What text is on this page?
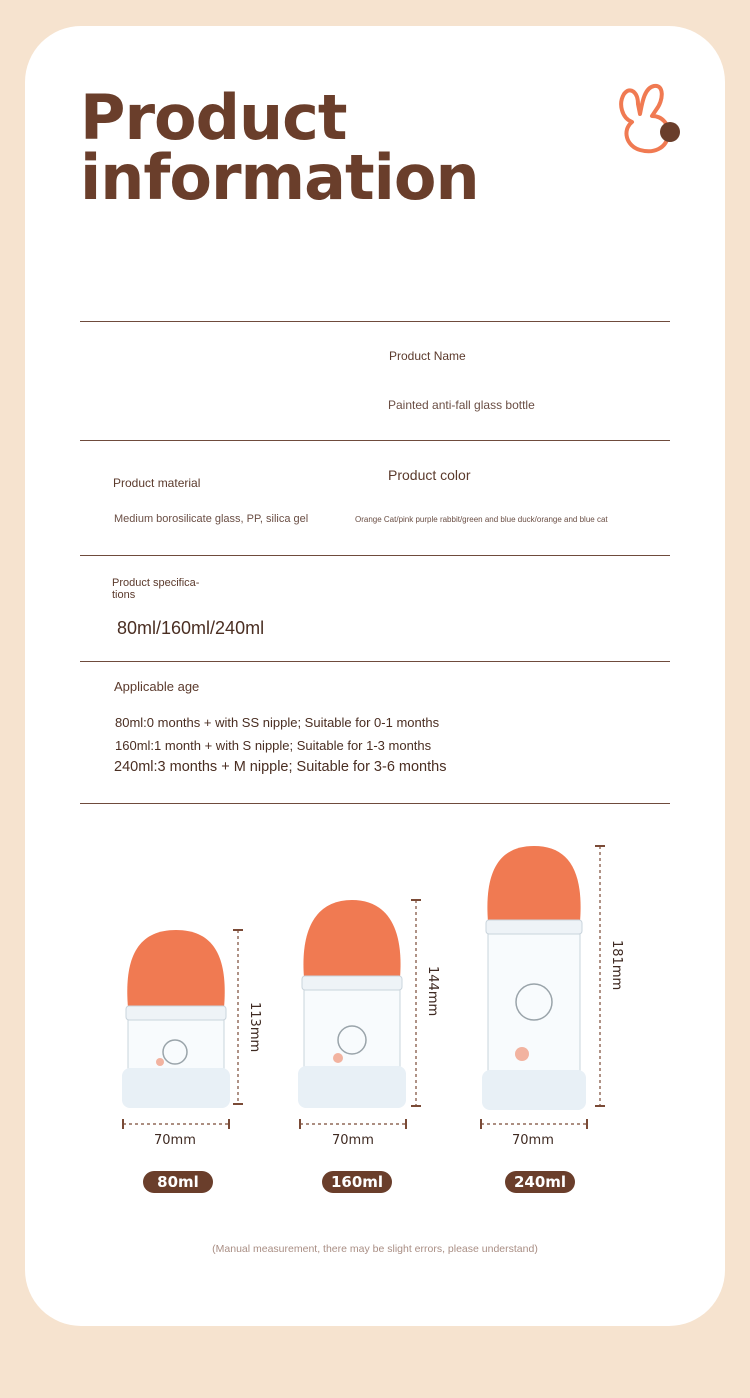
Product
information
Product Name
Painted anti-fall glass bottle
Product material
Medium borosilicate glass, PP, silica gel
Product color
Orange Cat/pink purple rabbit/green and blue duck/orange and blue cat
Product specifica-tions
80ml/160ml/240ml
Applicable age
80ml:0 months + with SS nipple; Suitable for 0-1 months
160ml:1 month + with S nipple; Suitable for 1-3 months
240ml:3 months + M nipple; Suitable for 3-6 months
113mm
144mm
181mm
70mm	70mm	70mm
80ml	160ml	240ml
(Manual measurement, there may be slight errors, please understand)
